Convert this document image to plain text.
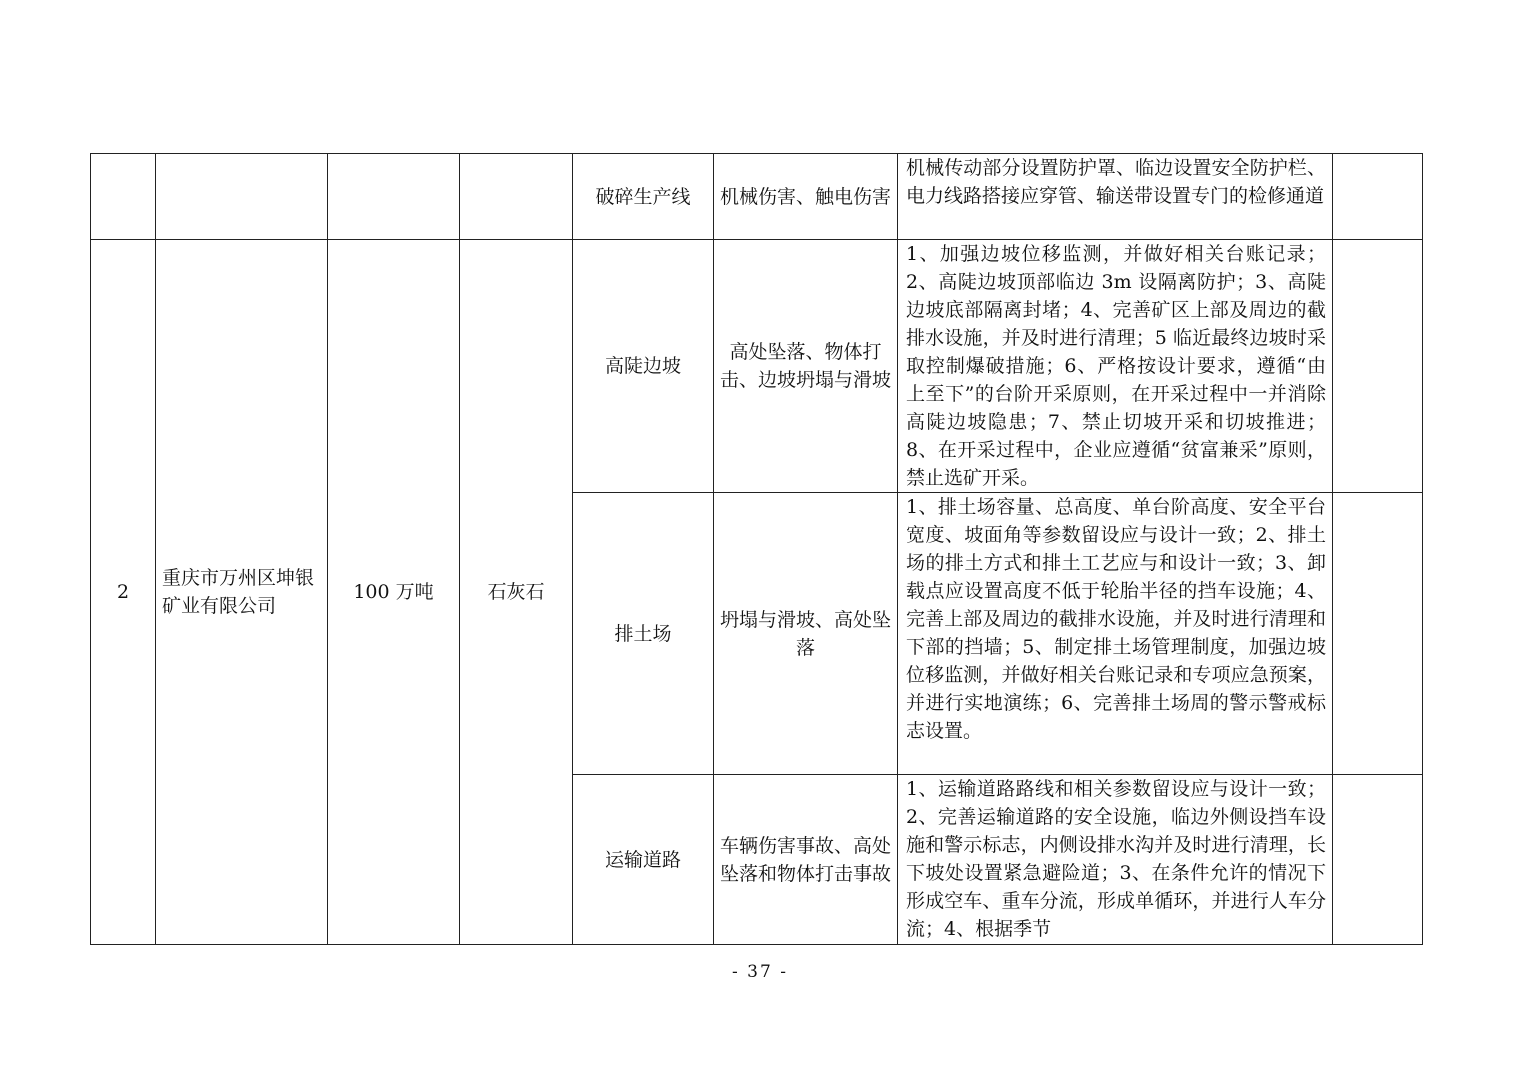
				破碎生产线	机械伤害、触电伤害	机械传动部分设置防护罩、临边设置安全防护栏、电力线路搭接应穿管、输送带设置专门的检修通道	
2	重庆市万州区坤银矿业有限公司	100 万吨	石灰石	高陡边坡	高处坠落、物体打击、边坡坍塌与滑坡	1、加强边坡位移监测，并做好相关台账记录；2、高陡边坡顶部临边 3m 设隔离防护；3、高陡边坡底部隔离封堵；4、完善矿区上部及周边的截排水设施，并及时进行清理；5 临近最终边坡时采取控制爆破措施；6、严格按设计要求，遵循“由上至下”的台阶开采原则，在开采过程中一并消除高陡边坡隐患；7、禁止切坡开采和切坡推进；8、在开采过程中，企业应遵循“贫富兼采”原则，禁止选矿开采。	
				排土场	坍塌与滑坡、高处坠落	1、排土场容量、总高度、单台阶高度、安全平台宽度、坡面角等参数留设应与设计一致；2、排土场的排土方式和排土工艺应与和设计一致；3、卸载点应设置高度不低于轮胎半径的挡车设施；4、完善上部及周边的截排水设施，并及时进行清理和下部的挡墙；5、制定排土场管理制度，加强边坡位移监测，并做好相关台账记录和专项应急预案，并进行实地演练；6、完善排土场周的警示警戒标志设置。	
				运输道路	车辆伤害事故、高处坠落和物体打击事故	1、运输道路路线和相关参数留设应与设计一致；2、完善运输道路的安全设施，临边外侧设挡车设施和警示标志，内侧设排水沟并及时进行清理，长下坡处设置紧急避险道；3、在条件允许的情况下形成空车、重车分流，形成单循环，并进行人车分流；4、根据季节	
- 37 -
